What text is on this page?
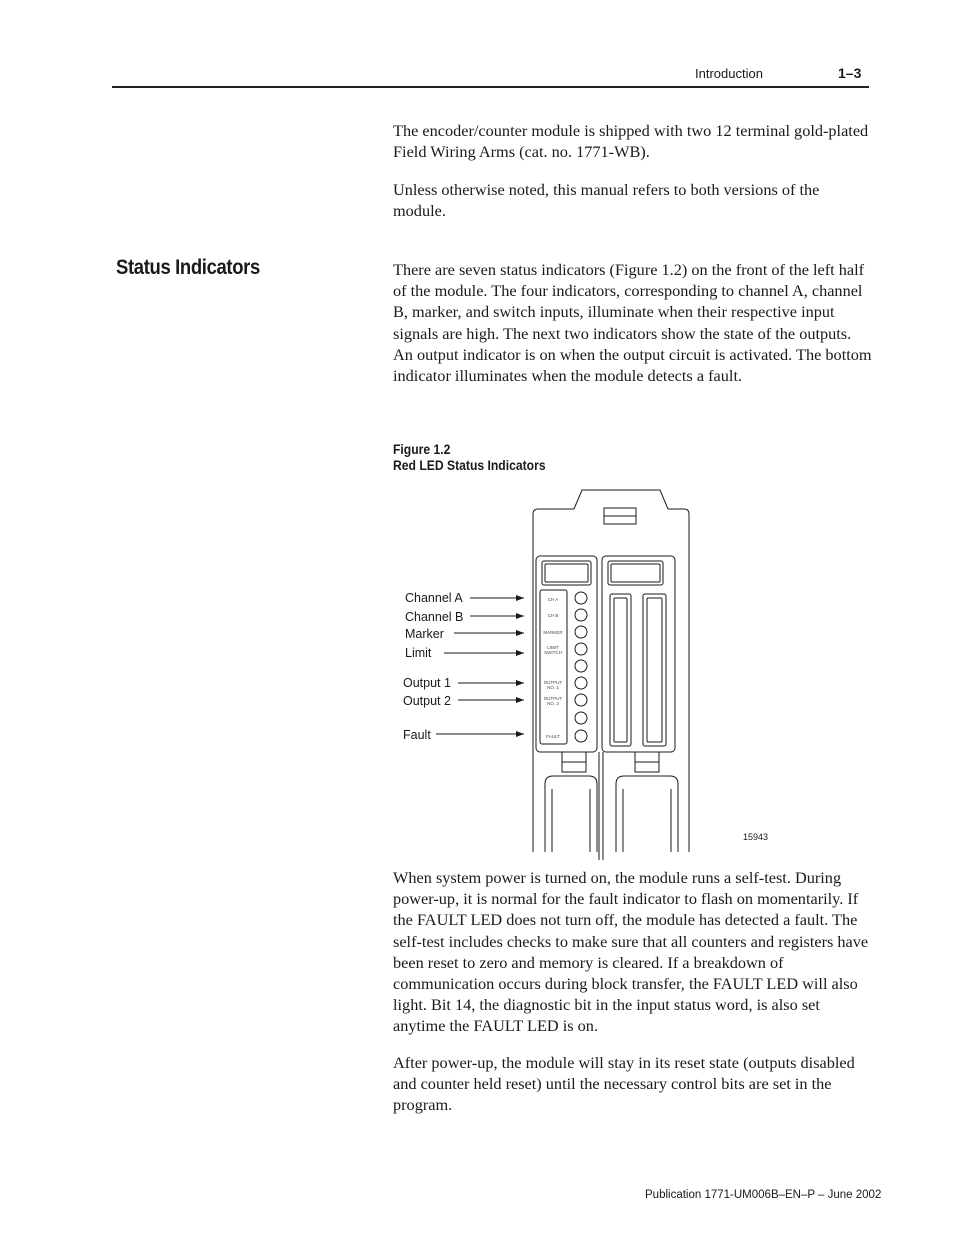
Introduction	1–3

The encoder/counter module is shipped with two 12 terminal gold-plated Field Wiring Arms (cat. no. 1771-WB).

Unless otherwise noted, this manual refers to both versions of the module.

Status Indicators	There are seven status indicators (Figure 1.2) on the front of the left half of the module. The four indicators, corresponding to channel A, channel B, marker, and switch inputs, illuminate when their respective input signals are high. The next two indicators show the state of the outputs. An output indicator is on when the output circuit is activated. The bottom indicator illuminates when the module detects a fault.

Figure 1.2
Red LED Status Indicators
CH A
CH B
MARKER
LIMIT
SWITCH
OUTPUT
NO. 1
OUTPUT
NO. 2
FAULT
Channel A
Channel B
Marker
Limit
Output 1
Output 2
Fault
15943

When system power is turned on, the module runs a self-test. During power-up, it is normal for the fault indicator to flash on momentarily. If the FAULT LED does not turn off, the module has detected a fault. The self-test includes checks to make sure that all counters and registers have been reset to zero and memory is cleared. If a breakdown of communication occurs during block transfer, the FAULT LED will also light. Bit 14, the diagnostic bit in the input status word, is also set anytime the FAULT LED is on.

After power-up, the module will stay in its reset state (outputs disabled and counter held reset) until the necessary control bits are set in the program.

Publication 1771-UM006B–EN–P – June 2002
